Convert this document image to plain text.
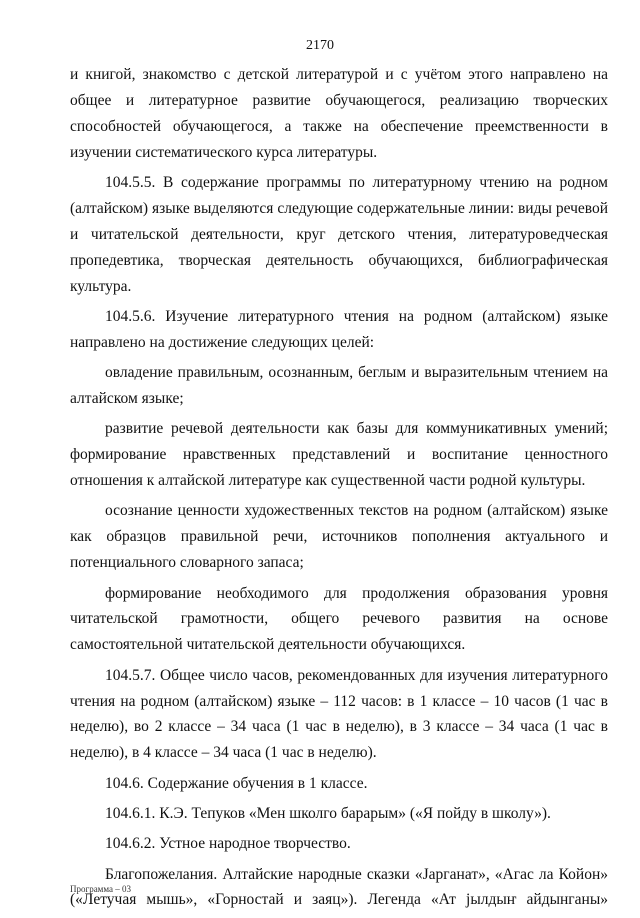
2170

и книгой, знакомство с детской литературой и с учётом этого направлено на общее и литературное развитие обучающегося, реализацию творческих способностей обучающегося, а также на обеспечение преемственности в изучении систематического курса литературы.

104.5.5. В содержание программы по литературному чтению на родном (алтайском) языке выделяются следующие содержательные линии: виды речевой и читательской деятельности, круг детского чтения, литературоведческая пропедевтика, творческая деятельность обучающихся, библиографическая культура.

104.5.6. Изучение литературного чтения на родном (алтайском) языке направлено на достижение следующих целей:

овладение правильным, осознанным, беглым и выразительным чтением на алтайском языке;

развитие речевой деятельности как базы для коммуникативных умений; формирование нравственных представлений и воспитание ценностного отношения к алтайской литературе как существенной части родной культуры.

осознание ценности художественных текстов на родном (алтайском) языке как образцов правильной речи, источников пополнения актуального и потенциального словарного запаса;

формирование необходимого для продолжения образования уровня читательской грамотности, общего речевого развития на основе самостоятельной читательской деятельности обучающихся.

104.5.7. Общее число часов, рекомендованных для изучения литературного чтения на родном (алтайском) языке – 112 часов: в 1 классе – 10 часов (1 час в неделю), во 2 классе – 34 часа (1 час в неделю), в 3 классе – 34 часа (1 час в неделю), в 4 классе – 34 часа (1 час в неделю).

104.6. Содержание обучения в 1 классе.

104.6.1. К.Э. Тепуков «Мен школго барарым» («Я пойду в школу»).

104.6.2. Устное народное творчество.

Благопожелания. Алтайские народные сказки «Јарганат», «Агас ла Койон» («Летучая мышь», «Горностай и заяц»). Легенда «Ат јылдыҥ айдынганы»

Программа – 03
